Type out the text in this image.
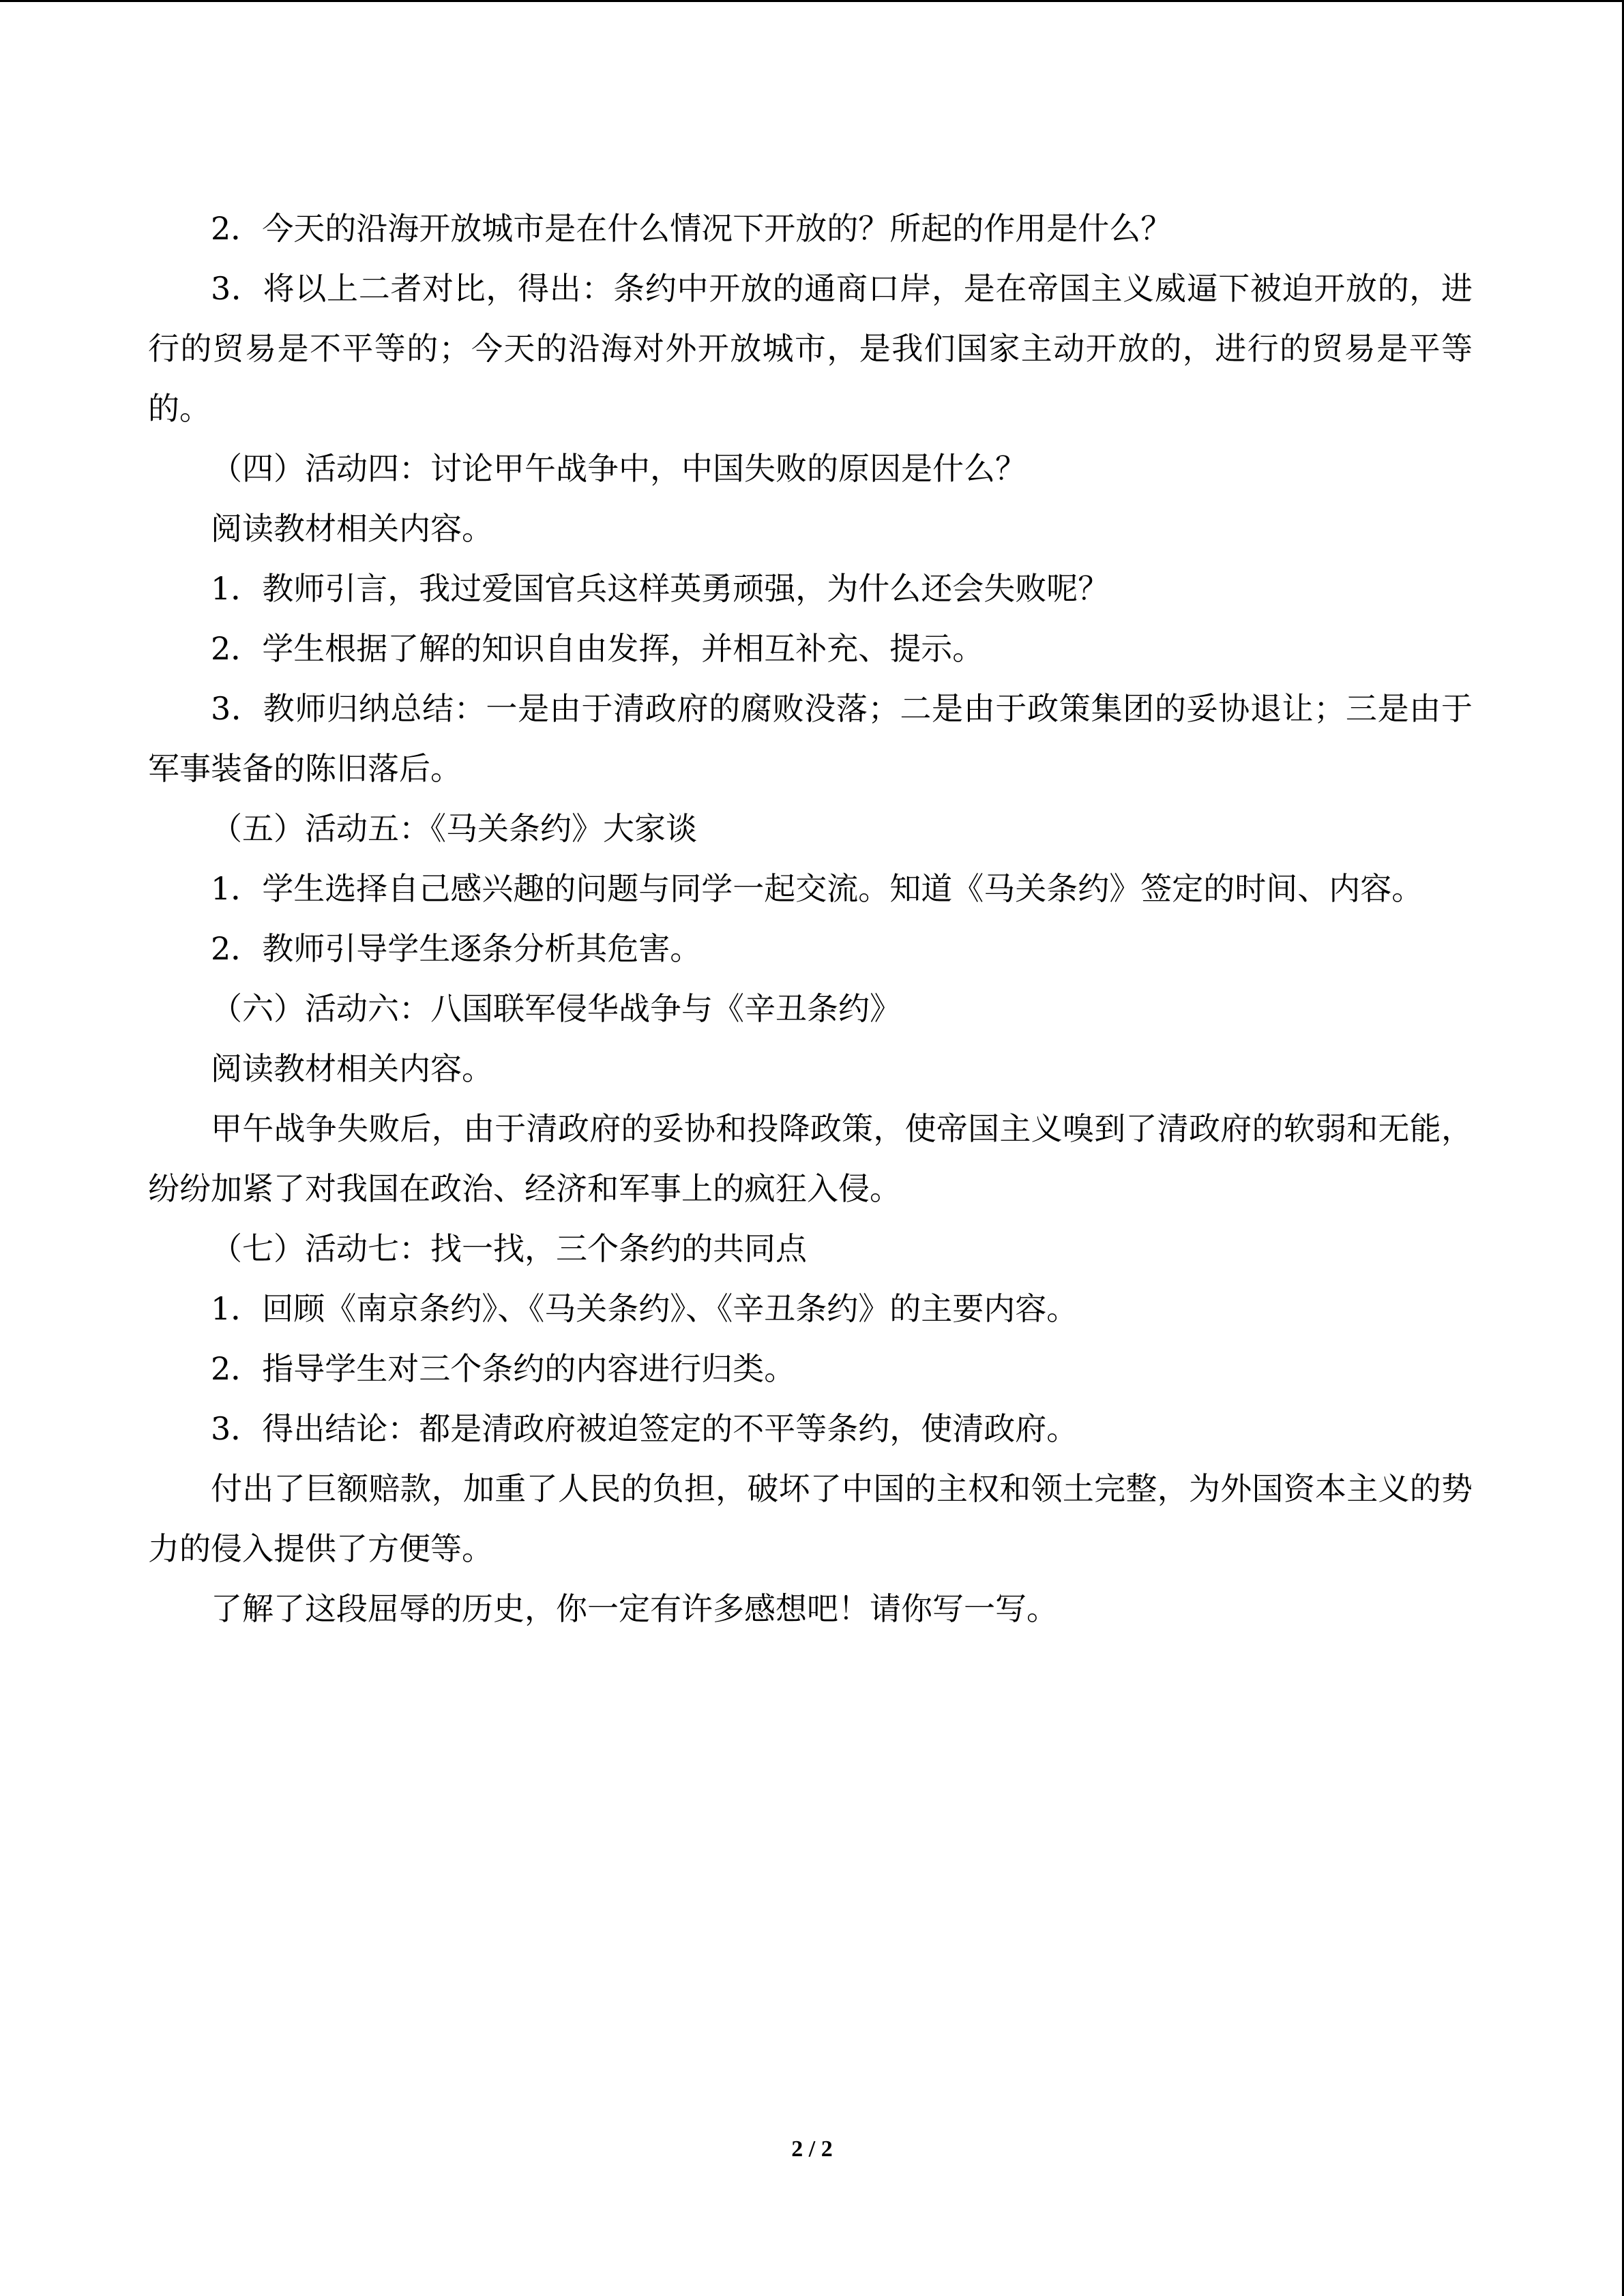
2．今天的沿海开放城市是在什么情况下开放的？所起的作用是什么？

3．将以上二者对比，得出：条约中开放的通商口岸，是在帝国主义威逼下被迫开放的，进行的贸易是不平等的；今天的沿海对外开放城市，是我们国家主动开放的，进行的贸易是平等的。

（四）活动四：讨论甲午战争中，中国失败的原因是什么？

阅读教材相关内容。

1．教师引言，我过爱国官兵这样英勇顽强，为什么还会失败呢？

2．学生根据了解的知识自由发挥，并相互补充、提示。

3．教师归纳总结：一是由于清政府的腐败没落；二是由于政策集团的妥协退让；三是由于军事装备的陈旧落后。

（五）活动五：《马关条约》大家谈

1．学生选择自己感兴趣的问题与同学一起交流。知道《马关条约》签定的时间、内容。

2．教师引导学生逐条分析其危害。

（六）活动六：八国联军侵华战争与《辛丑条约》

阅读教材相关内容。

甲午战争失败后，由于清政府的妥协和投降政策，使帝国主义嗅到了清政府的软弱和无能，纷纷加紧了对我国在政治、经济和军事上的疯狂入侵。

（七）活动七：找一找，三个条约的共同点

1．回顾《南京条约》、《马关条约》、《辛丑条约》的主要内容。

2．指导学生对三个条约的内容进行归类。

3．得出结论：都是清政府被迫签定的不平等条约，使清政府。

付出了巨额赔款，加重了人民的负担，破坏了中国的主权和领土完整，为外国资本主义的势力的侵入提供了方便等。

了解了这段屈辱的历史，你一定有许多感想吧！请你写一写。

2 / 2
